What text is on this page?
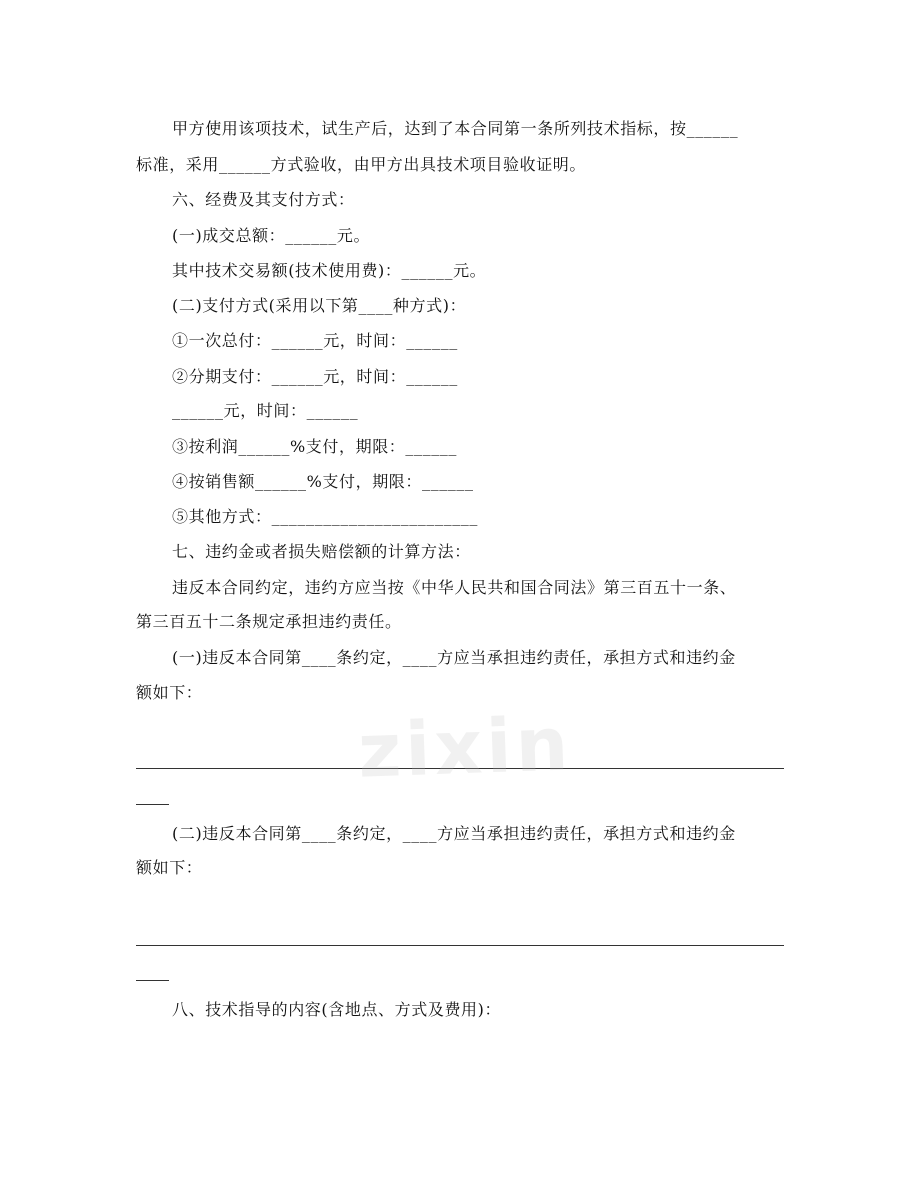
甲方使用该项技术，试生产后，达到了本合同第一条所列技术指标，按______
标准，采用______方式验收，由甲方出具技术项目验收证明。
六、经费及其支付方式：
(一)成交总额：______元。
其中技术交易额(技术使用费)：______元。
(二)支付方式(采用以下第____种方式)：
①一次总付：______元，时间：______
②分期支付：______元，时间：______
______元，时间：______
③按利润______%支付，期限：______
④按销售额______%支付，期限：______
⑤其他方式：________________________
七、违约金或者损失赔偿额的计算方法：
违反本合同约定，违约方应当按《中华人民共和国合同法》第三百五十一条、
第三百五十二条规定承担违约责任。
(一)违反本合同第____条约定，____方应当承担违约责任，承担方式和违约金
额如下：
(二)违反本合同第____条约定，____方应当承担违约责任，承担方式和违约金
额如下：
八、技术指导的内容(含地点、方式及费用)：
zixin
